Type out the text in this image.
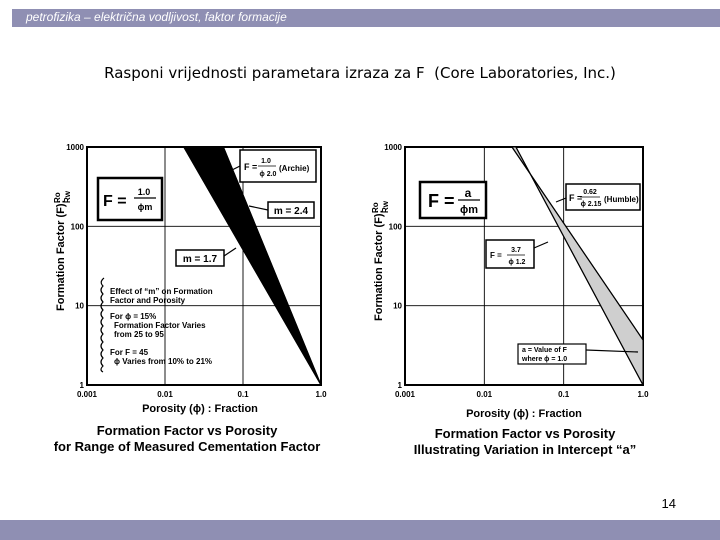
petrofizika – električna vodljivost, faktor formacije
Rasponi vrijednosti parametara izraza za F  (Core Laboratories, Inc.)
0.001	0.01	0.1	1.0
1
10
100
1000
Formation Factor (F):
Ro Rw F =
1.0
ϕm
F =
1.0
ϕ 2.0
(Archie)
m = 2.4
m = 1.7
Effect of “m” on Formation
Factor and Porosity
For ϕ = 15%
Formation Factor Varies
from 25 to 95
For F = 45
ϕ Varies from 10% to 21%
Porosity (ϕ) : Fraction
Formation Factor vs Porosity
for Range of Measured Cementation Factor
0.001	0.01	0.1	1.0
1
10
100
1000
Formation Factor (F):
Ro Rw F = a
ϕm
F =
0.62
ϕ 2.15
(Humble)
F =
3.7
ϕ 1.2
a = Value of F
where ϕ = 1.0
Porosity (ϕ) : Fraction
Formation Factor vs Porosity
Illustrating Variation in Intercept “a”
14
